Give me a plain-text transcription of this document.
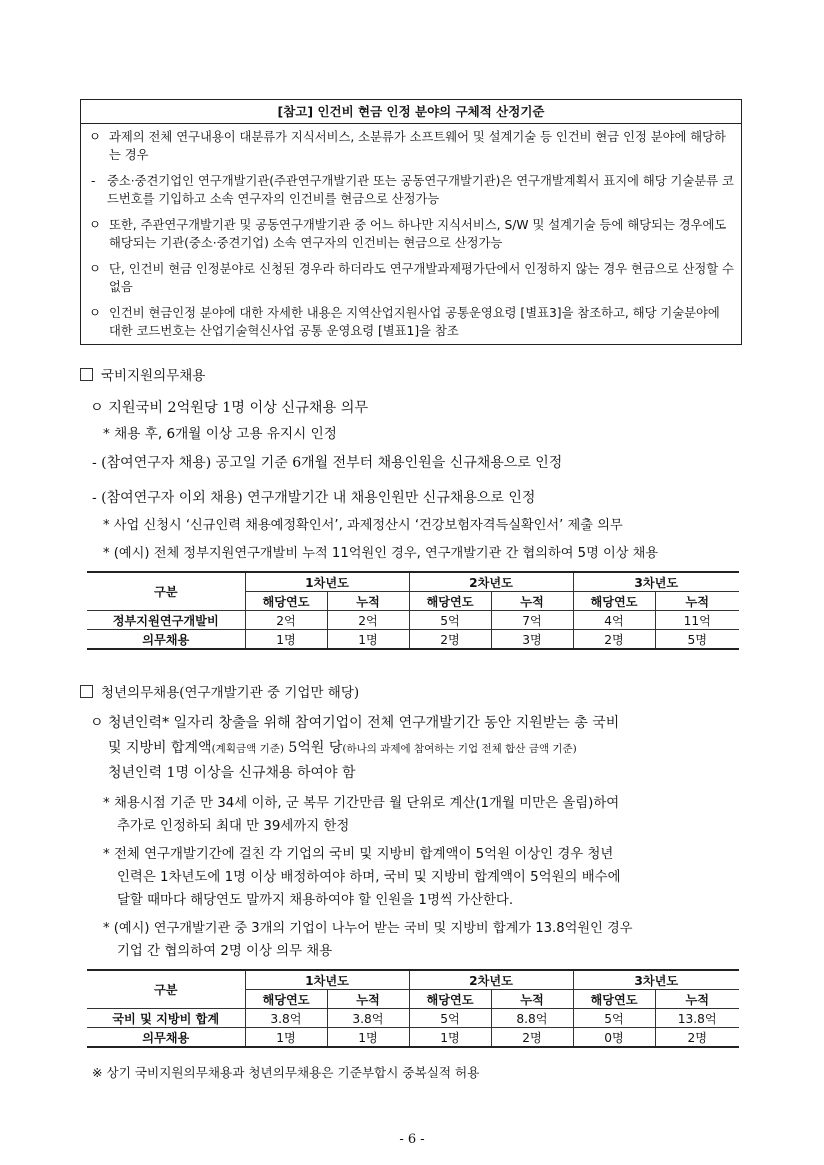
[참고] 인건비 현금 인정 분야의 구체적 산정기준
ㅇ 과제의 전체 연구내용이 대분류가 지식서비스, 소분류가 소프트웨어 및 설계기술 등 인건비 현금 인정 분야에 해당하는 경우
- 중소·중견기업인 연구개발기관(주관연구개발기관 또는 공동연구개발기관)은 연구개발계획서 표지에 해당 기술분류 코드번호를 기입하고 소속 연구자의 인건비를 현금으로 산정가능
ㅇ 또한, 주관연구개발기관 및 공동연구개발기관 중 어느 하나만 지식서비스, S/W 및 설계기술 등에 해당되는 경우에도 해당되는 기관(중소·중견기업) 소속 연구자의 인건비는 현금으로 산정가능
ㅇ 단, 인건비 현금 인정분야로 신청된 경우라 하더라도 연구개발과제평가단에서 인정하지 않는 경우 현금으로 산정할 수 없음
ㅇ 인건비 현금인정 분야에 대한 자세한 내용은 지역산업지원사업 공통운영요령 [별표3]을 참조하고, 해당 기술분야에 대한 코드번호는 산업기술혁신사업 공통 운영요령 [별표1]을 참조
국비지원의무채용
ㅇ 지원국비 2억원당 1명 이상 신규채용 의무
* 채용 후, 6개월 이상 고용 유지시 인정
- (참여연구자 채용) 공고일 기준 6개월 전부터 채용인원을 신규채용으로 인정
- (참여연구자 이외 채용) 연구개발기간 내 채용인원만 신규채용으로 인정
* 사업 신청시 ‘신규인력 채용예정확인서’, 과제정산시 ‘건강보험자격득실확인서’ 제출 의무
* (예시) 전체 정부지원연구개발비 누적 11억원인 경우, 연구개발기관 간 협의하여 5명 이상 채용
구분	1차년도		2차년도		3차년도	
	해당연도	누적	해당연도	누적	해당연도	누적
정부지원연구개발비	2억	2억	5억	7억	4억	11억
의무채용	1명	1명	2명	3명	2명	5명
청년의무채용(연구개발기관 중 기업만 해당)
ㅇ 청년인력* 일자리 창출을 위해 참여기업이 전체 연구개발기간 동안 지원받는 총 국비
및 지방비 합계액(계획금액 기준) 5억원 당(하나의 과제에 참여하는 기업 전체 합산 금액 기준)
청년인력 1명 이상을 신규채용 하여야 함
* 채용시점 기준 만 34세 이하, 군 복무 기간만큼 월 단위로 계산(1개월 미만은 올림)하여
추가로 인정하되 최대 만 39세까지 한정
* 전체 연구개발기간에 걸친 각 기업의 국비 및 지방비 합계액이 5억원 이상인 경우 청년
인력은 1차년도에 1명 이상 배정하여야 하며, 국비 및 지방비 합계액이 5억원의 배수에
달할 때마다 해당연도 말까지 채용하여야 할 인원을 1명씩 가산한다.
* (예시) 연구개발기관 중 3개의 기업이 나누어 받는 국비 및 지방비 합계가 13.8억원인 경우
기업 간 협의하여 2명 이상 의무 채용
구분	1차년도		2차년도		3차년도	
	해당연도	누적	해당연도	누적	해당연도	누적
국비 및 지방비 합계	3.8억	3.8억	5억	8.8억	5억	13.8억
의무채용	1명	1명	1명	2명	0명	2명
※ 상기 국비지원의무채용과 청년의무채용은 기준부합시 중복실적 허용
- 6 -
